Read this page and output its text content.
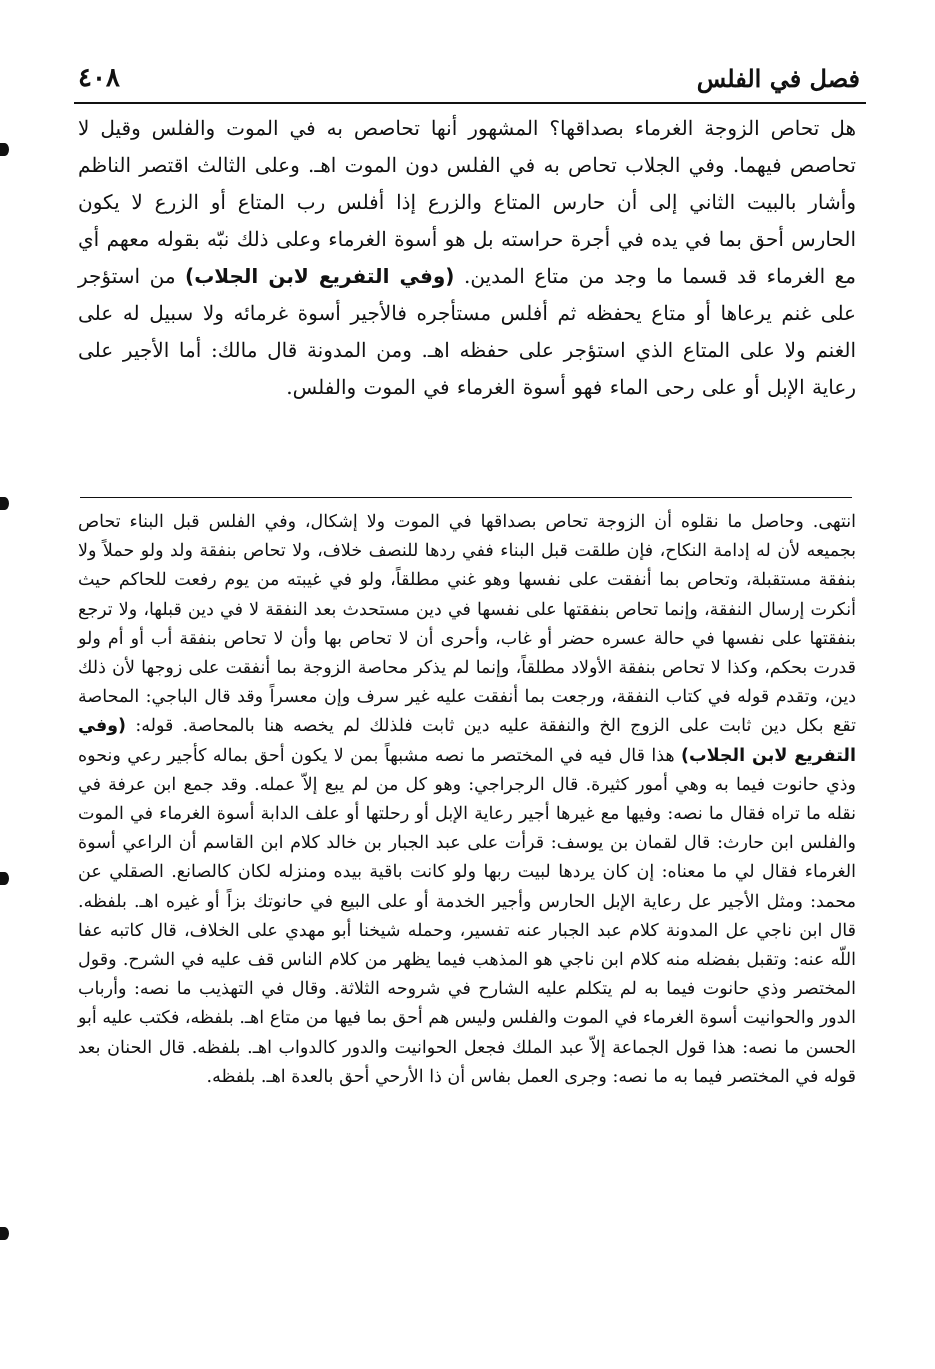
فصل في الفلس
٤٠٨
هل تحاص الزوجة الغرماء بصداقها؟ المشهور أنها تحاصص به في الموت والفلس وقيل لا تحاصص فيهما. وفي الجلاب تحاص به في الفلس دون الموت اهـ. وعلى الثالث اقتصر الناظم وأشار بالبيت الثاني إلى أن حارس المتاع والزرع إذا أفلس رب المتاع أو الزرع لا يكون الحارس أحق بما في يده في أجرة حراسته بل هو أسوة الغرماء وعلى ذلك نبّه بقوله معهم أي مع الغرماء قد قسما ما وجد من متاع المدين. (وفي التفريع لابن الجلاب) من استؤجر على غنم يرعاها أو متاع يحفظه ثم أفلس مستأجره فالأجير أسوة غرمائه ولا سبيل له على الغنم ولا على المتاع الذي استؤجر على حفظه اهـ. ومن المدونة قال مالك: أما الأجير على رعاية الإبل أو على رحى الماء فهو أسوة الغرماء في الموت والفلس.
انتهى. وحاصل ما نقلوه أن الزوجة تحاص بصداقها في الموت ولا إشكال، وفي الفلس قبل البناء تحاص بجميعه لأن له إدامة النكاح، فإن طلقت قبل البناء ففي ردها للنصف خلاف، ولا تحاص بنفقة ولد ولو حملاً ولا بنفقة مستقبلة، وتحاص بما أنفقت على نفسها وهو غني مطلقاً، ولو في غيبته من يوم رفعت للحاكم حيث أنكرت إرسال النفقة، وإنما تحاص بنفقتها على نفسها في دين مستحدث بعد النفقة لا في دين قبلها، ولا ترجع بنفقتها على نفسها في حالة عسره حضر أو غاب، وأحرى أن لا تحاص بها وأن لا تحاص بنفقة أب أو أم ولو قدرت بحكم، وكذا لا تحاص بنفقة الأولاد مطلقاً، وإنما لم يذكر محاصة الزوجة بما أنفقت على زوجها لأن ذلك دين، وتقدم قوله في كتاب النفقة، ورجعت بما أنفقت عليه غير سرف وإن معسراً وقد قال الباجي: المحاصة تقع بكل دين ثابت على الزوج الخ والنفقة عليه دين ثابت فلذلك لم يخصه هنا بالمحاصة. قوله: (وفي التفريع لابن الجلاب) هذا قال فيه في المختصر ما نصه مشبهاً بمن لا يكون أحق بماله كأجير رعي ونحوه وذي حانوت فيما به وهي أمور كثيرة. قال الرجراجي: وهو كل من لم يبع إلاّ عمله. وقد جمع ابن عرفة في نقله ما تراه فقال ما نصه: وفيها مع غيرها أجير رعاية الإبل أو رحلتها أو علف الدابة أسوة الغرماء في الموت والفلس ابن حارث: قال لقمان بن يوسف: قرأت على عبد الجبار بن خالد كلام ابن القاسم أن الراعي أسوة الغرماء فقال لي ما معناه: إن كان يردها لبيت ربها ولو كانت باقية بيده ومنزله لكان كالصانع. الصقلي عن محمد: ومثل الأجير عل رعاية الإبل الحارس وأجير الخدمة أو على البيع في حانوتك بزاً أو غيره اهـ. بلفظه. قال ابن ناجي عل المدونة كلام عبد الجبار عنه تفسير، وحمله شيخنا أبو مهدي على الخلاف، قال كاتبه عفا اللّه عنه: وتقبل بفضله منه كلام ابن ناجي هو المذهب فيما يظهر من كلام الناس قف عليه في الشرح. وقول المختصر وذي حانوت فيما به لم يتكلم عليه الشارح في شروحه الثلاثة. وقال في التهذيب ما نصه: وأرباب الدور والحوانيت أسوة الغرماء في الموت والفلس وليس هم أحق بما فيها من متاع اهـ. بلفظه، فكتب عليه أبو الحسن ما نصه: هذا قول الجماعة إلاّ عبد الملك فجعل الحوانيت والدور كالدواب اهـ. بلفظه. قال الحنان بعد قوله في المختصر فيما به ما نصه: وجرى العمل بفاس أن ذا الأرحي أحق بالعدة اهـ. بلفظه.
